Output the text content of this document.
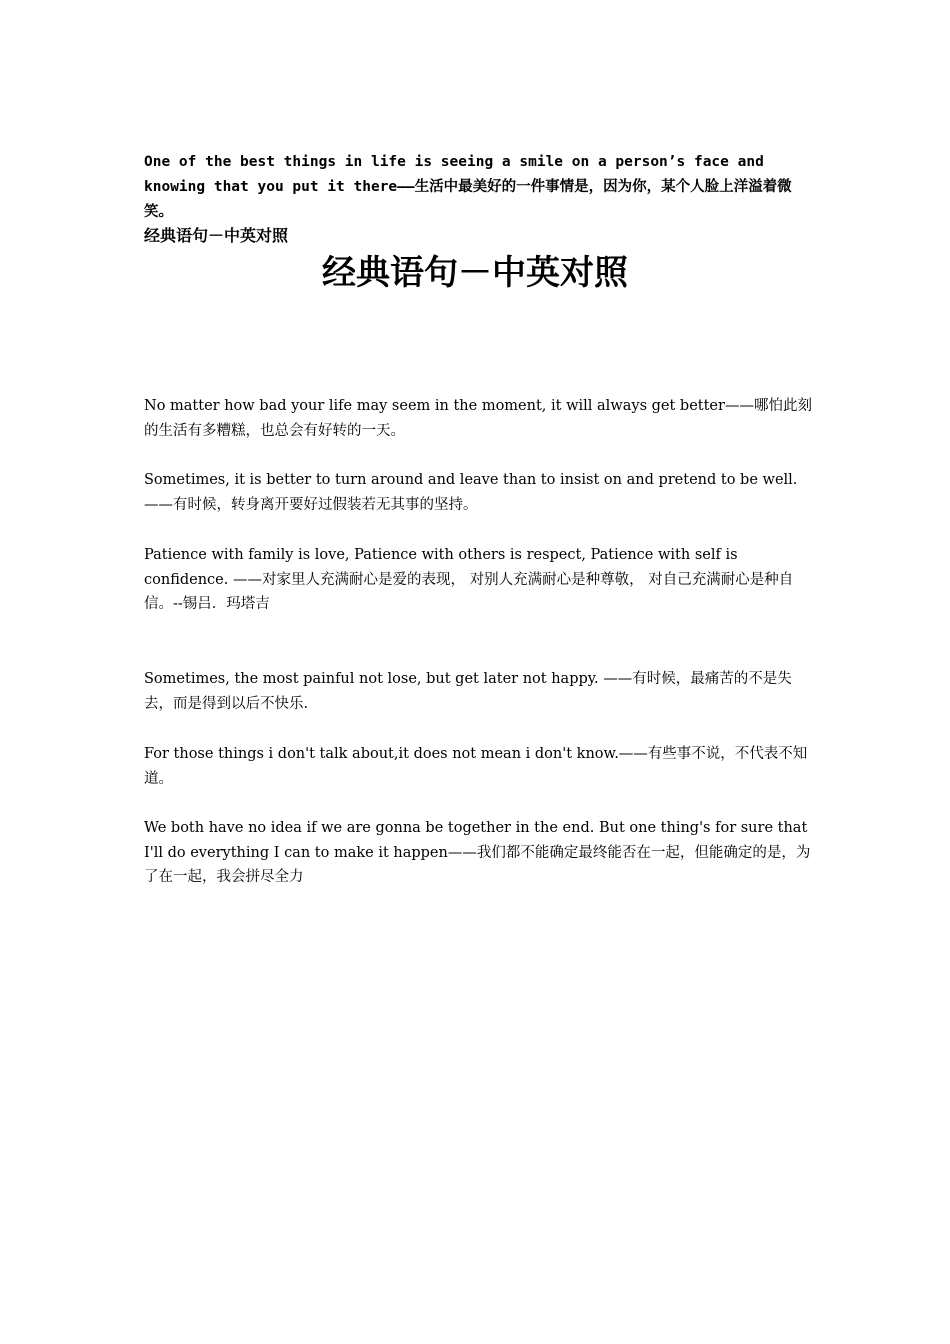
One of the best things in life is seeing a smile on a person’s face and knowing that you put it there——生活中最美好的一件事情是，因为你，某个人脸上洋溢着微笑。

经典语句－中英对照

经典语句－中英对照

No matter how bad your life may seem in the moment, it will always get better——哪怕此刻的生活有多糟糕，也总会有好转的一天。

Sometimes, it is better to turn around and leave than to insist on and pretend to be well. ——有时候，转身离开要好过假装若无其事的坚持。

Patience with family is love, Patience with others is respect, Patience with self is confidence. ——对家里人充满耐心是爱的表现， 对别人充满耐心是种尊敬， 对自己充满耐心是种自信。--锡吕．玛塔吉

Sometimes, the most painful not lose, but get later not happy. ——有时候，最痛苦的不是失去，而是得到以后不快乐.

For those things i don't talk about,it does not mean i don't know.——有些事不说，不代表不知道。

We both have no idea if we are gonna be together in the end. But one thing's for sure that I'll do everything I can to make it happen——我们都不能确定最终能否在一起，但能确定的是，为了在一起，我会拼尽全力
